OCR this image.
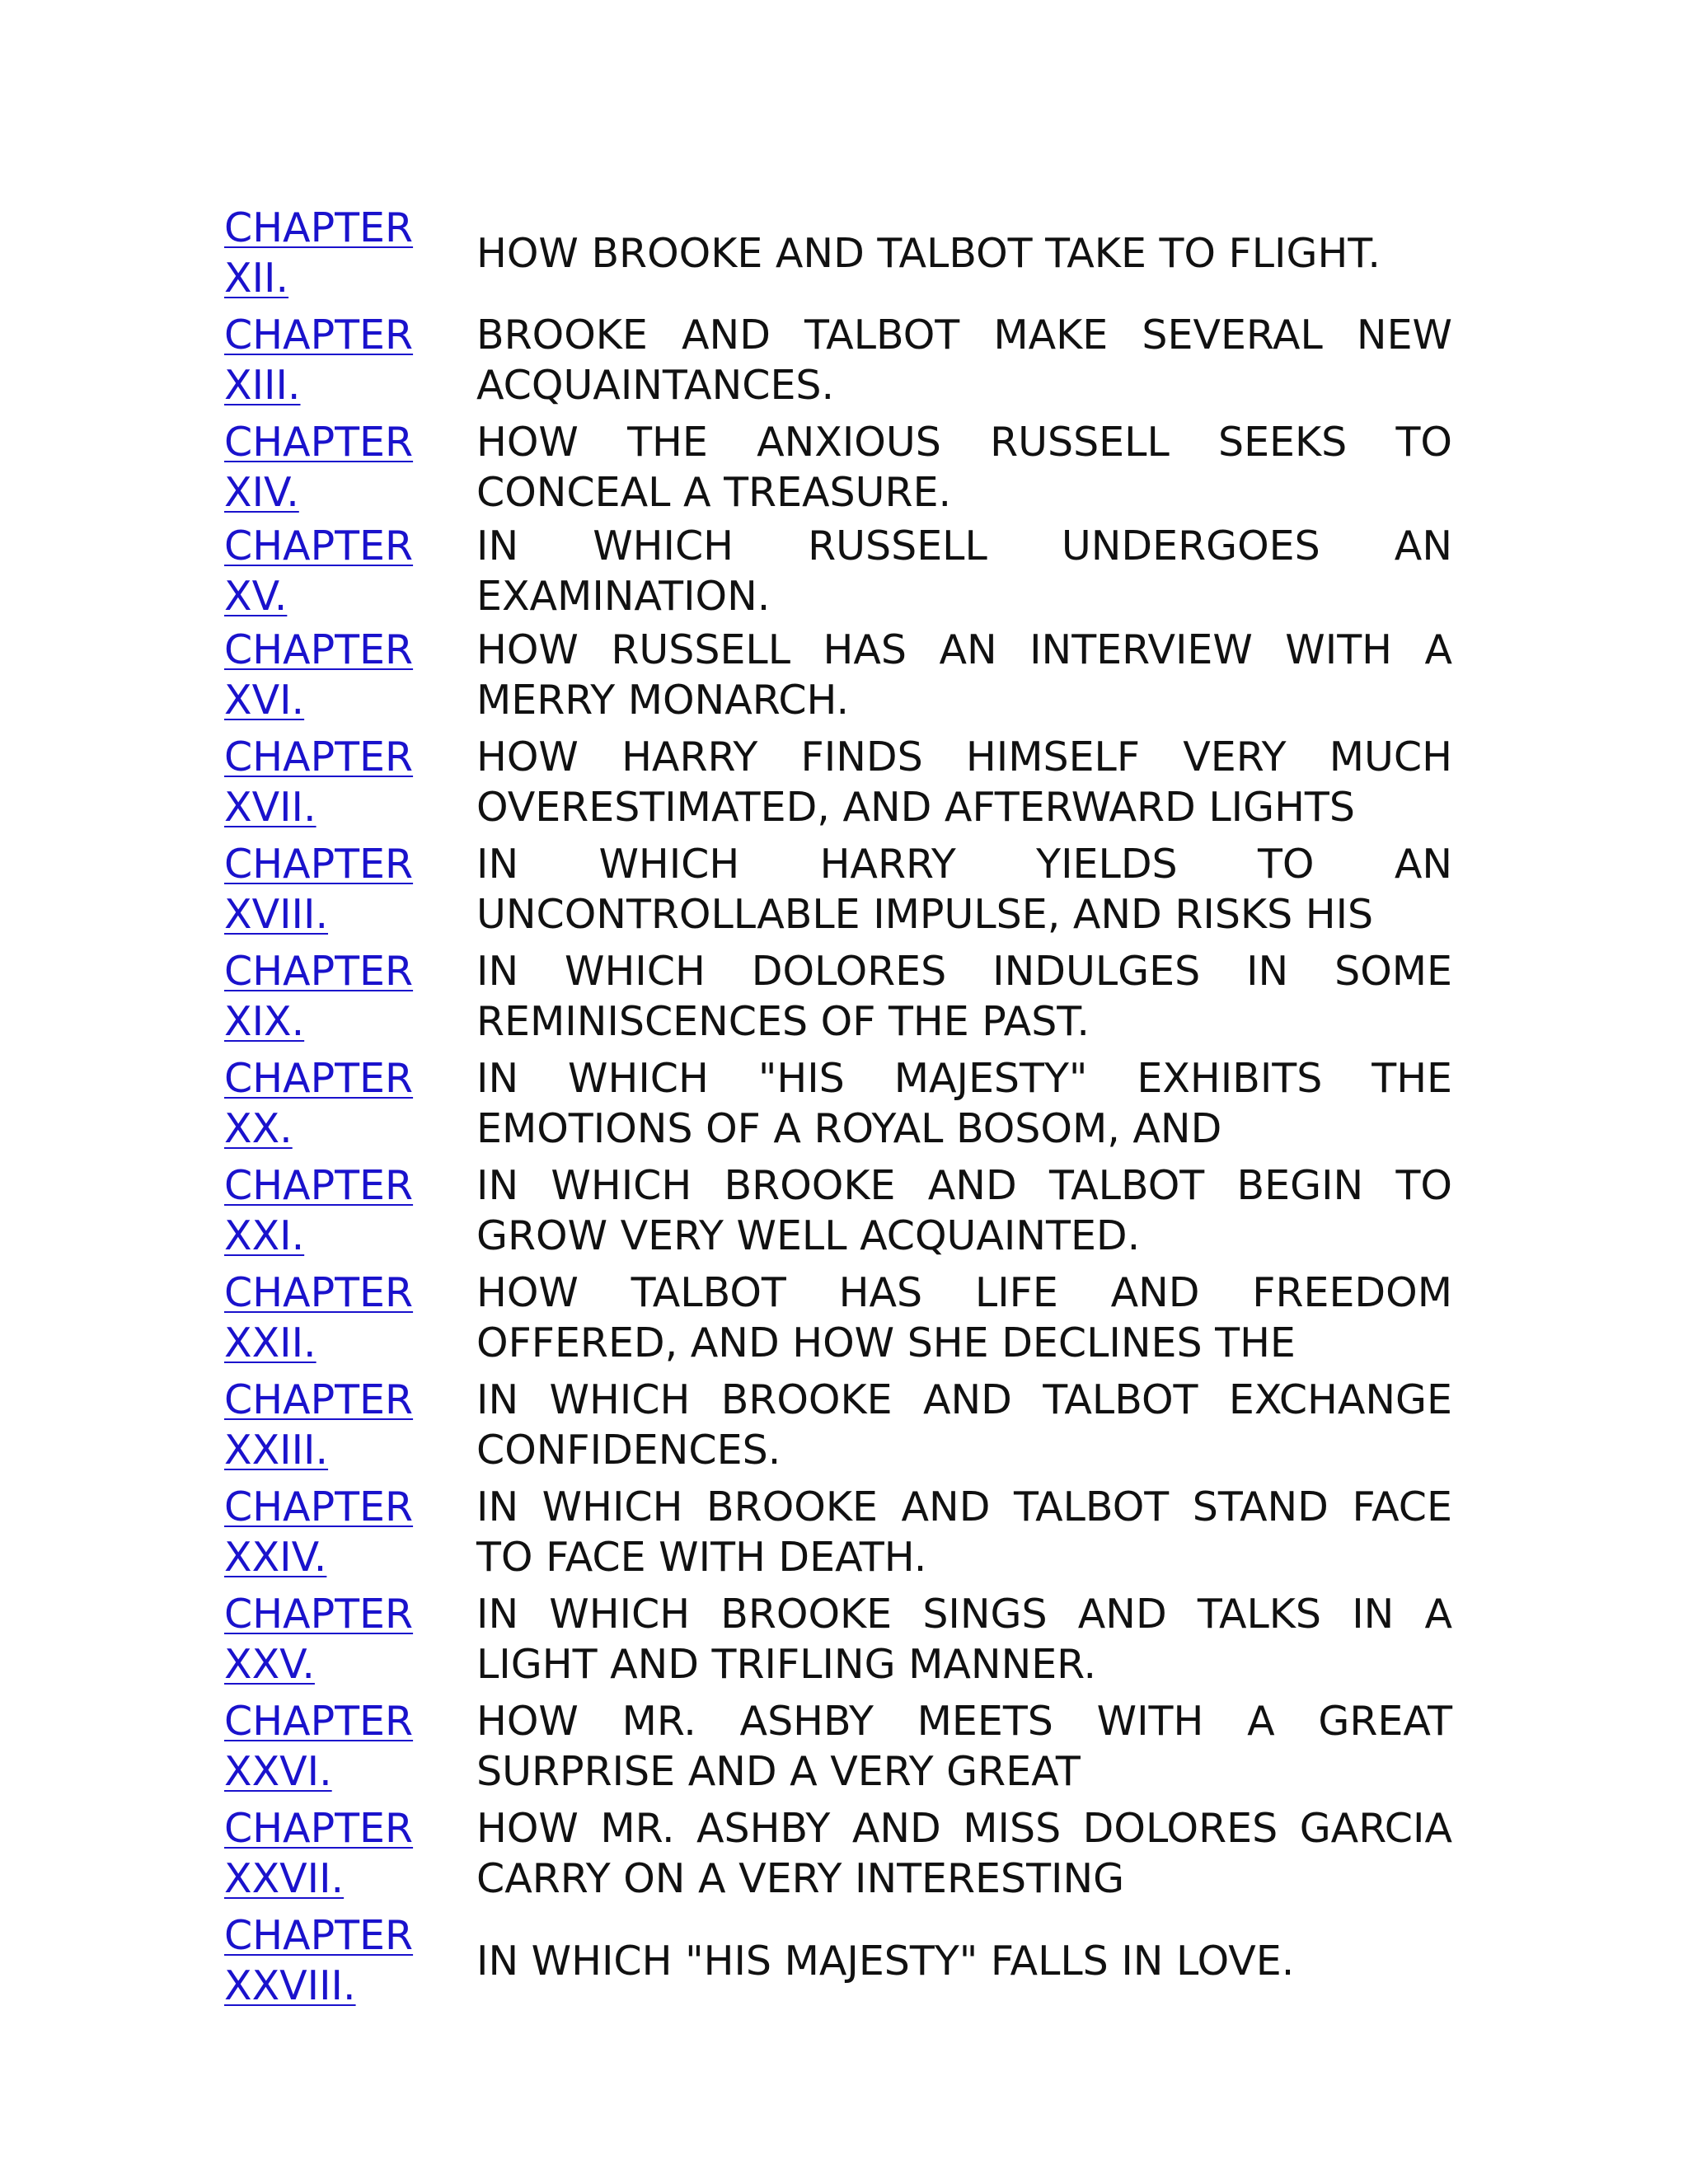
CHAPTER XII.	HOW BROOKE AND TALBOT TAKE TO FLIGHT.
CHAPTER XIII.	BROOKE AND TALBOT MAKE SEVERAL NEW ACQUAINTANCES.
CHAPTER XIV.	HOW THE ANXIOUS RUSSELL SEEKS TO CONCEAL A TREASURE.
CHAPTER XV.	IN WHICH RUSSELL UNDERGOES AN EXAMINATION.
CHAPTER XVI.	HOW RUSSELL HAS AN INTERVIEW WITH A MERRY MONARCH.
CHAPTER XVII.	HOW HARRY FINDS HIMSELF VERY MUCH OVERESTIMATED, AND AFTERWARD LIGHTS
CHAPTER XVIII.	IN WHICH HARRY YIELDS TO AN UNCONTROLLABLE IMPULSE, AND RISKS HIS
CHAPTER XIX.	IN WHICH DOLORES INDULGES IN SOME REMINISCENCES OF THE PAST.
CHAPTER XX.	IN WHICH "HIS MAJESTY" EXHIBITS THE EMOTIONS OF A ROYAL BOSOM, AND
CHAPTER XXI.	IN WHICH BROOKE AND TALBOT BEGIN TO GROW VERY WELL ACQUAINTED.
CHAPTER XXII.	HOW TALBOT HAS LIFE AND FREEDOM OFFERED, AND HOW SHE DECLINES THE
CHAPTER XXIII.	IN WHICH BROOKE AND TALBOT EXCHANGE CONFIDENCES.
CHAPTER XXIV.	IN WHICH BROOKE AND TALBOT STAND FACE TO FACE WITH DEATH.
CHAPTER XXV.	IN WHICH BROOKE SINGS AND TALKS IN A LIGHT AND TRIFLING MANNER.
CHAPTER XXVI.	HOW MR. ASHBY MEETS WITH A GREAT SURPRISE AND A VERY GREAT
CHAPTER XXVII.	HOW MR. ASHBY AND MISS DOLORES GARCIA CARRY ON A VERY INTERESTING
CHAPTER XXVIII.	IN WHICH "HIS MAJESTY" FALLS IN LOVE.
